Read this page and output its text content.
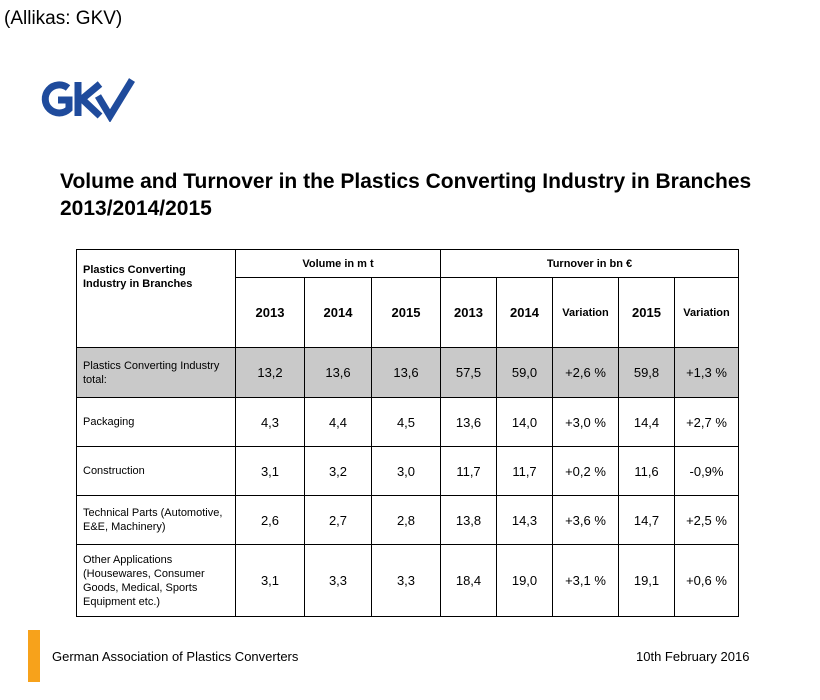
(Allikas: GKV)
Volume and Turnover in the Plastics Converting Industry in Branches 2013/2014/2015
Plastics Converting Industry in Branches	Volume in m t			Turnover in bn €				
	2013	2014	2015	2013	2014	Variation	2015	Variation
Plastics Converting Industry total:	13,2	13,6	13,6	57,5	59,0	+2,6 %	59,8	+1,3 %
Packaging	4,3	4,4	4,5	13,6	14,0	+3,0 %	14,4	+2,7 %
Construction	3,1	3,2	3,0	11,7	11,7	+0,2 %	11,6	-0,9%
Technical Parts (Automotive, E&E, Machinery)	2,6	2,7	2,8	13,8	14,3	+3,6 %	14,7	+2,5 %
Other Applications (Housewares, Consumer Goods, Medical, Sports Equipment etc.)	3,1	3,3	3,3	18,4	19,0	+3,1 %	19,1	+0,6 %
German Association of Plastics Converters	10th February 2016
